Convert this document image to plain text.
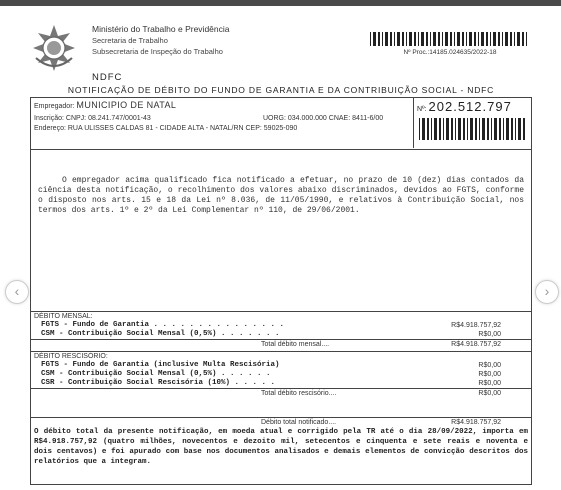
Ministério do Trabalho e Previdência
Secretaria de Trabalho
Subsecretaria de Inspeção do Trabalho
NDFC
Nº Proc.:14185.024635/2022-18
NOTIFICAÇÃO DE DÉBITO DO FUNDO DE GARANTIA E DA CONTRIBUIÇÃO SOCIAL - NDFC
Empregador: MUNICIPIO DE NATAL
Inscrição: CNPJ: 08.241.747/0001-43	UORG: 034.000.000 CNAE: 8411-6/00
Endereço: RUA ULISSES CALDAS 81 - CIDADE ALTA - NATAL/RN CEP: 59025-090
Nº: 202.512.797

O empregador acima qualificado fica notificado a efetuar, no prazo de 10 (dez) dias contados da ciência desta notificação, o recolhimento dos valores abaixo discriminados, devidos ao FGTS, conforme o disposto nos arts. 15 e 18 da Lei nº 8.036, de 11/05/1990, e relativos à Contribuição Social, nos termos dos arts. 1º e 2º da Lei Complementar nº 110, de 29/06/2001.

DÉBITO MENSAL:
FGTS - Fundo de Garantia . . . . . . . . . . . . . . .	R$4.918.757,92
CSM - Contribuição Social Mensal (0,5%) . . . . . . .	R$0,00
Total débito mensal....	R$4.918.757,92
DÉBITO RESCISÓRIO:
FGTS - Fundo de Garantia (inclusive Multa Rescisória)	R$0,00
CSM - Contribuição Social Mensal (0,5%) . . . . . .	R$0,00
CSR - Contribuição Social Rescisória (10%) . . . . .	R$0,00
Total débito rescisório....	R$0,00
Débito total notificado....	R$4.918.757,92

O débito total da presente notificação, em moeda atual e corrigido pela TR até o dia 28/09/2022, importa em R$4.918.757,92 (quatro milhões, novecentos e dezoito mil, setecentos e cinquenta e sete reais e noventa e dois centavos) e foi apurado com base nos documentos analisados e demais elementos de convicção descritos dos relatórios que a integram.

‹	›
